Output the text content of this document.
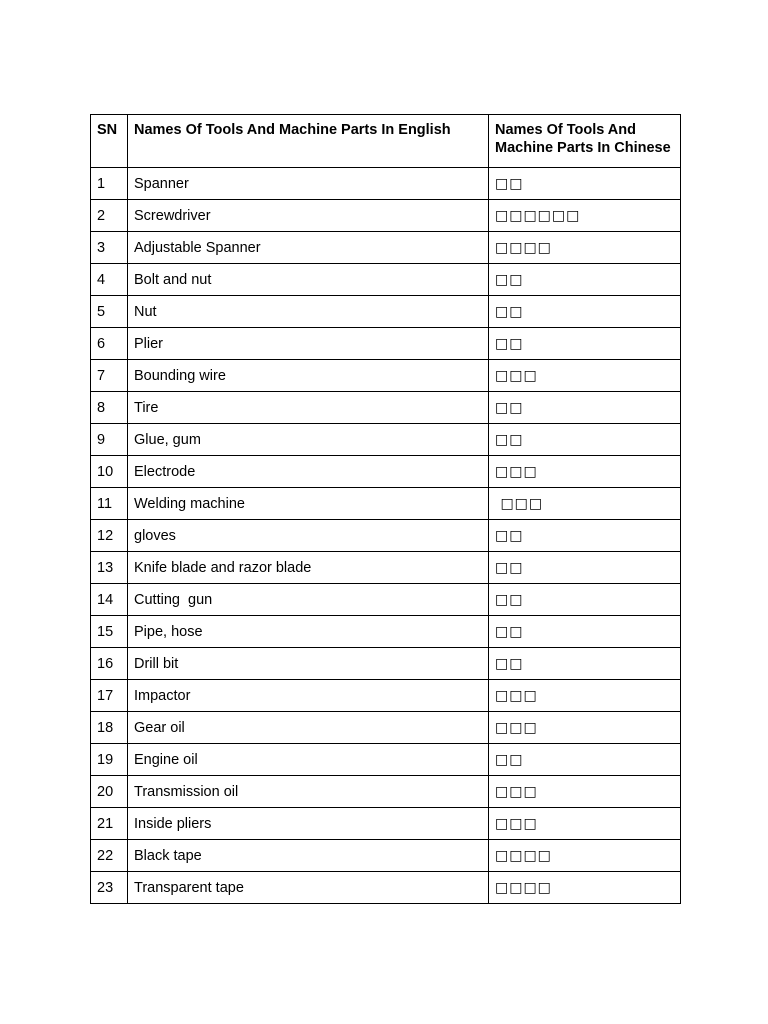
SN	Names Of Tools And Machine Parts In English	Names Of Tools And Machine Parts In Chinese
1	Spanner	□□
2	Screwdriver	□□□□□□
3	Adjustable Spanner	□□□□
4	Bolt and nut	□□
5	Nut	□□
6	Plier	□□
7	Bounding wire	□□□
8	Tire	□□
9	Glue, gum	□□
10	Electrode	□□□
11	Welding machine	□□□
12	gloves	□□
13	Knife blade and razor blade	□□
14	Cutting  gun	□□
15	Pipe, hose	□□
16	Drill bit	□□
17	Impactor	□□□
18	Gear oil	□□□
19	Engine oil	□□
20	Transmission oil	□□□
21	Inside pliers	□□□
22	Black tape	□□□□
23	Transparent tape	□□□□
